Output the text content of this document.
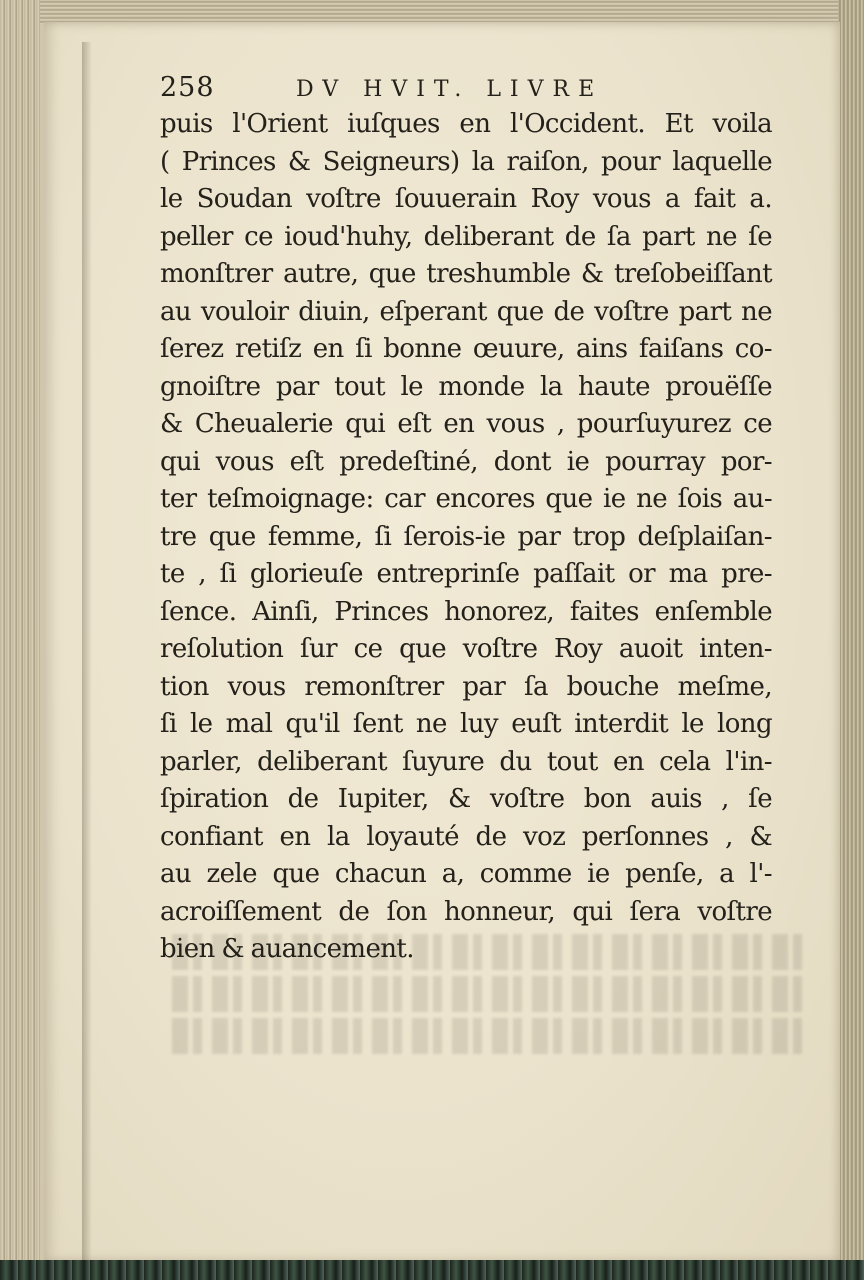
258	DV HVIT. LIVRE
puis l'Orient iuſques en l'Occident. Et voila
( Princes & Seigneurs) la raiſon, pour laquelle
le Soudan voſtre ſouuerain Roy vous a fait a.
peller ce ioud'huhy, deliberant de ſa part ne ſe
monſtrer autre, que treshumble & treſobeiſſant
au vouloir diuin, eſperant que de voſtre part ne
ſerez retiſz en ſi bonne œuure, ains faiſans co-
gnoiſtre par tout le monde la haute prouëſſe
& Cheualerie qui eſt en vous , pourſuyurez ce
qui vous eſt predeſtiné, dont ie pourray por-
ter teſmoignage: car encores que ie ne ſois au-
tre que femme, ſi ſerois-ie par trop deſplaiſan-
te , ſi glorieuſe entreprinſe paſſait or ma pre-
ſence. Ainſi, Princes honorez, faites enſemble
reſolution ſur ce que voſtre Roy auoit inten-
tion vous remonſtrer par ſa bouche meſme,
ſi le mal qu'il ſent ne luy euſt interdit le long
parler, deliberant ſuyure du tout en cela l'in-
ſpiration de Iupiter, & voſtre bon auis , ſe
confiant en la loyauté de voz perſonnes , &
au zele que chacun a, comme ie penſe, a l'-
acroiſſement de ſon honneur, qui ſera voſtre
bien & auancement.
